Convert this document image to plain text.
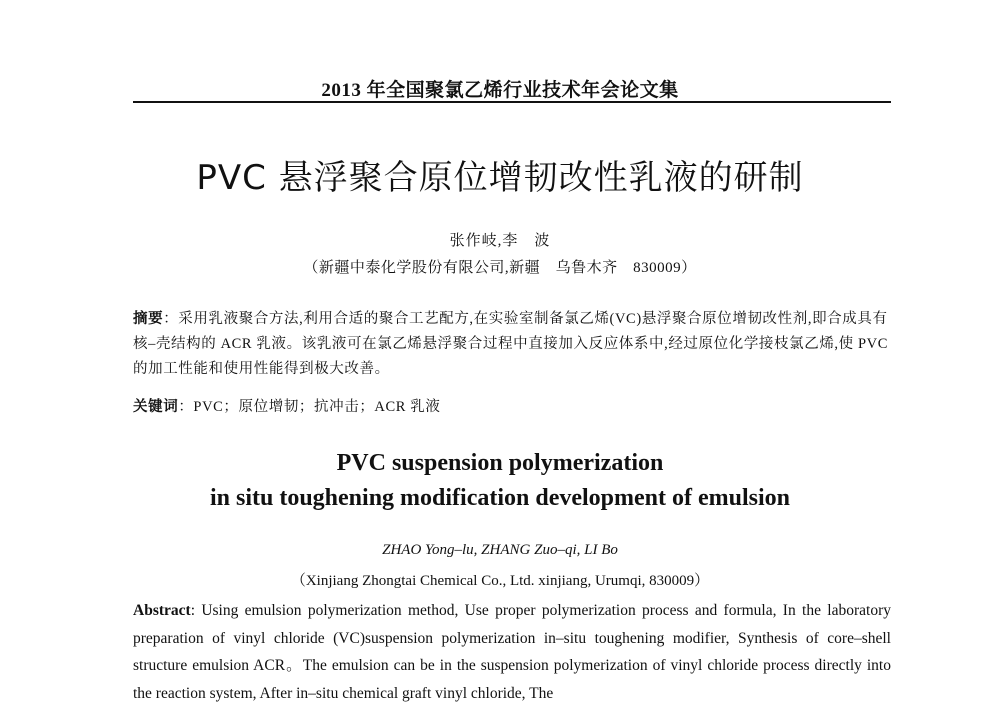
2013 年全国聚氯乙烯行业技术年会论文集
PVC 悬浮聚合原位增韧改性乳液的研制
张作岐,李　波
（新疆中泰化学股份有限公司,新疆　乌鲁木齐　830009）
摘要：采用乳液聚合方法,利用合适的聚合工艺配方,在实验室制备氯乙烯(VC)悬浮聚合原位增韧改性剂,即合成具有核–壳结构的 ACR 乳液。该乳液可在氯乙烯悬浮聚合过程中直接加入反应体系中,经过原位化学接枝氯乙烯,使 PVC 的加工性能和使用性能得到极大改善。
关键词：PVC；原位增韧；抗冲击；ACR 乳液
PVC suspension polymerization
in situ toughening modification development of emulsion
ZHAO Yong–lu, ZHANG Zuo–qi, LI Bo
（Xinjiang Zhongtai Chemical Co., Ltd. xinjiang, Urumqi, 830009）
Abstract: Using emulsion polymerization method, Use proper polymerization process and formula, In the laboratory preparation of vinyl chloride (VC)suspension polymerization in–situ toughening modifier, Synthesis of core–shell structure emulsion ACR。The emulsion can be in the suspension polymerization of vinyl chloride process directly into the reaction system, After in–situ chemical graft vinyl chloride, The
